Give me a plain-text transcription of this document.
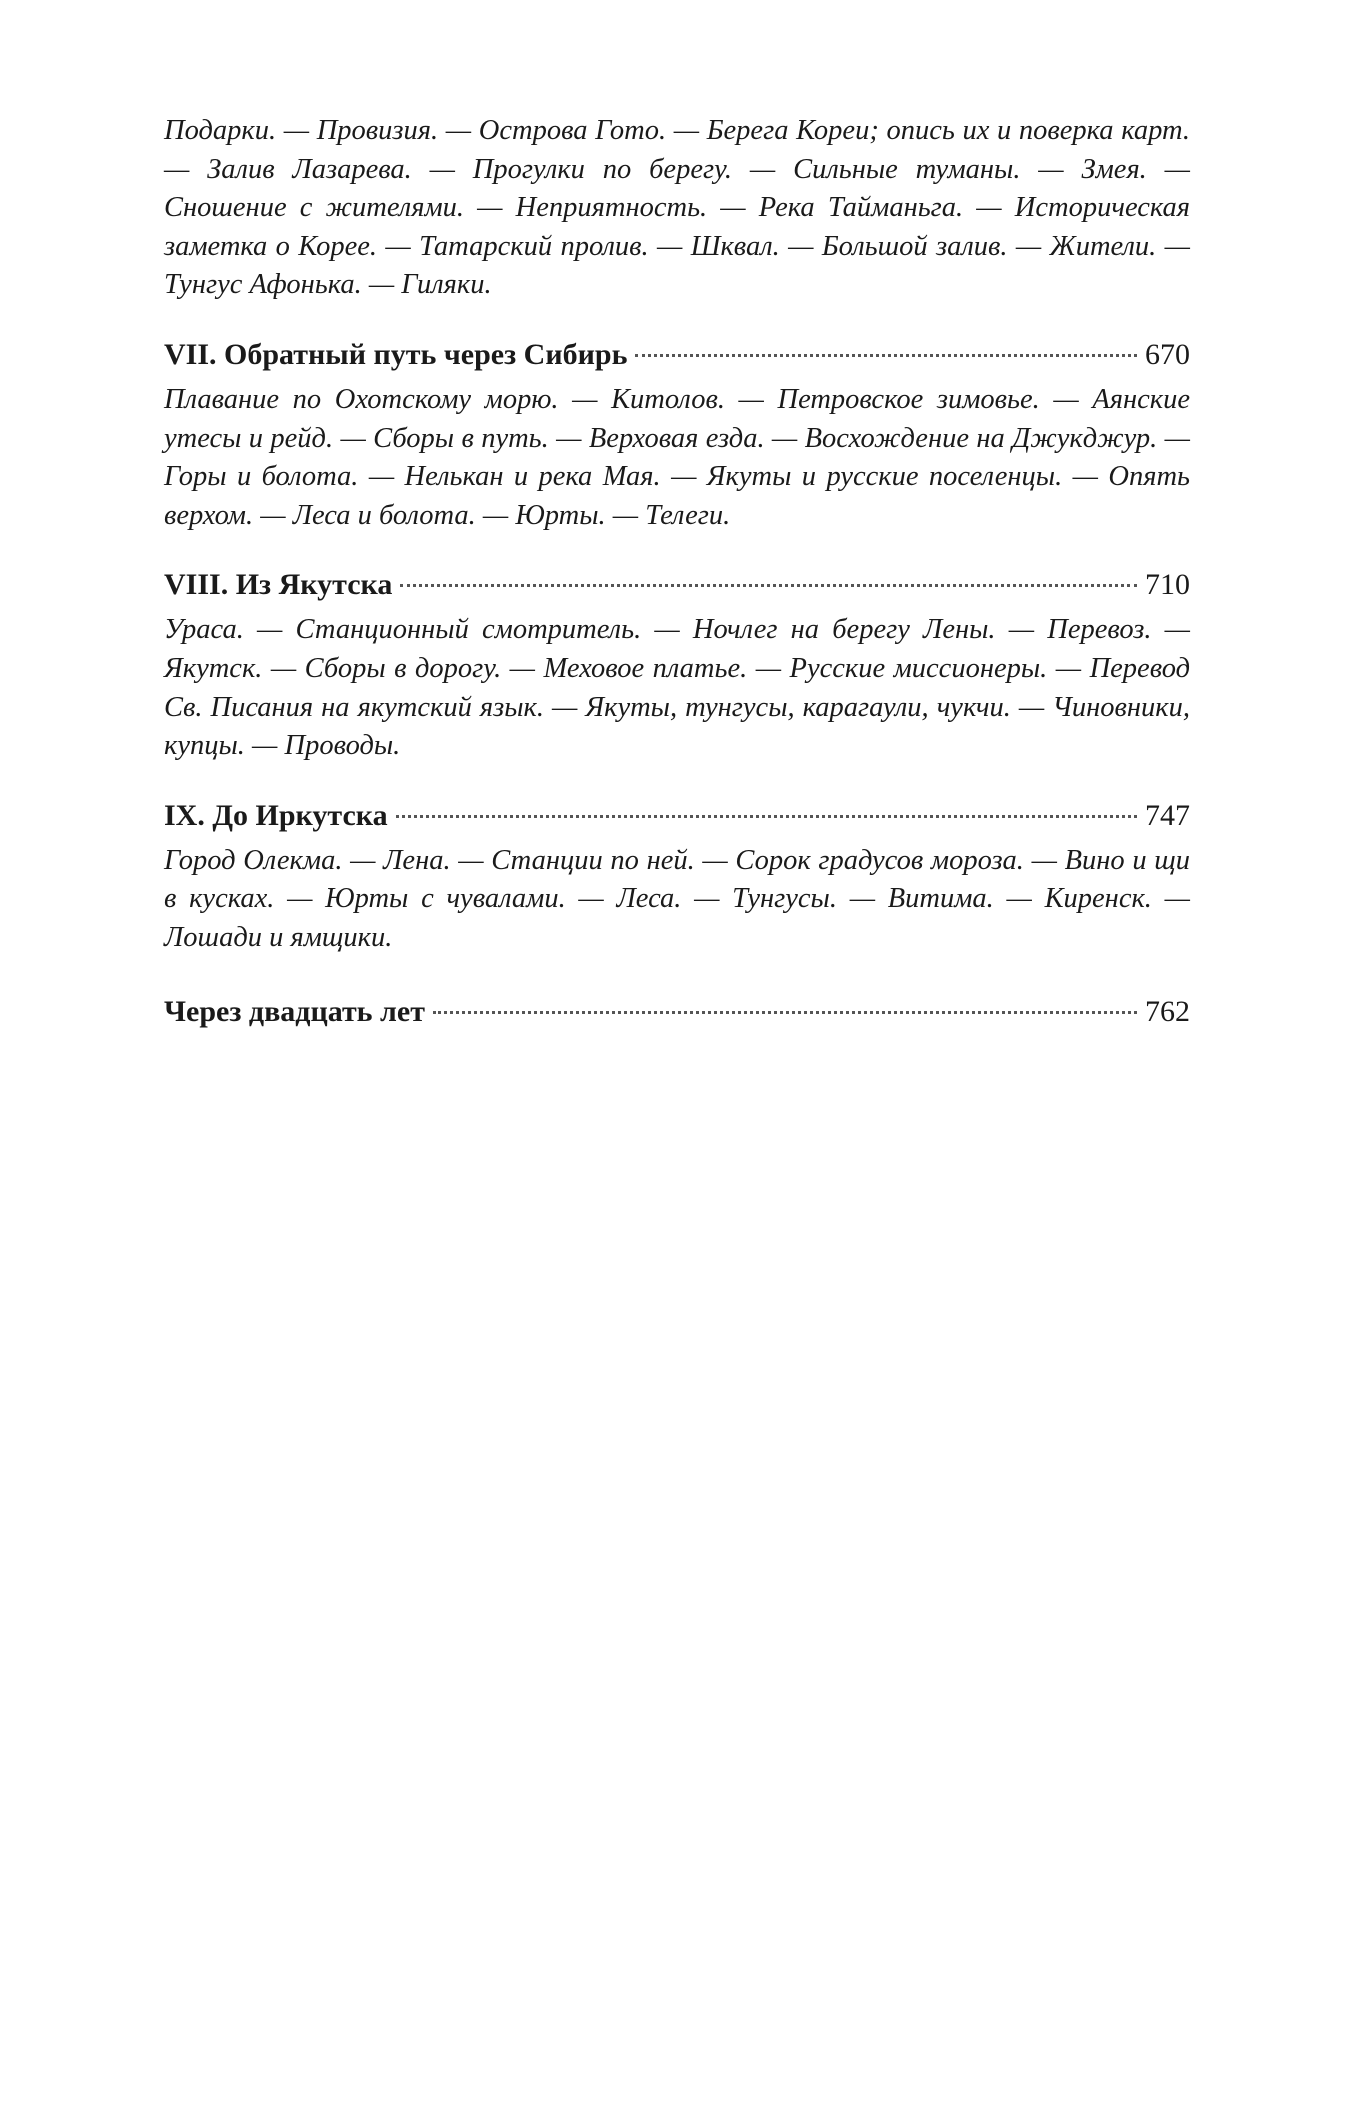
Подарки. — Провизия. — Острова Гото. — Берега Кореи; опись их и поверка карт. — Залив Лазарева. — Прогулки по берегу. — Сильные туманы. — Змея. — Сношение с жителями. — Неприятность. — Река Тайманьга. — Историческая заметка о Корее. — Татарский пролив. — Шквал. — Большой залив. — Жители. — Тунгус Афонька. — Гиляки.

VII. Обратный путь через Сибирь	670

Плавание по Охотскому морю. — Китолов. — Петровское зимовье. — Аянские утесы и рейд. — Сборы в путь. — Верховая езда. — Восхождение на Джукджур. — Горы и болота. — Нелькан и река Мая. — Якуты и русские поселенцы. — Опять верхом. — Леса и болота. — Юрты. — Телеги.

VIII. Из Якутска	710

Ураса. — Станционный смотритель. — Ночлег на берегу Лены. — Перевоз. — Якутск. — Сборы в дорогу. — Меховое платье. — Русские миссионеры. — Перевод Св. Писания на якутский язык. — Якуты, тунгусы, карагаули, чукчи. — Чиновники, купцы. — Проводы.

IX. До Иркутска	747

Город Олекма. — Лена. — Станции по ней. — Сорок градусов мороза. — Вино и щи в кусках. — Юрты с чувалами. — Леса. — Тунгусы. — Витима. — Киренск. — Лошади и ямщики.

Через двадцать лет	762
